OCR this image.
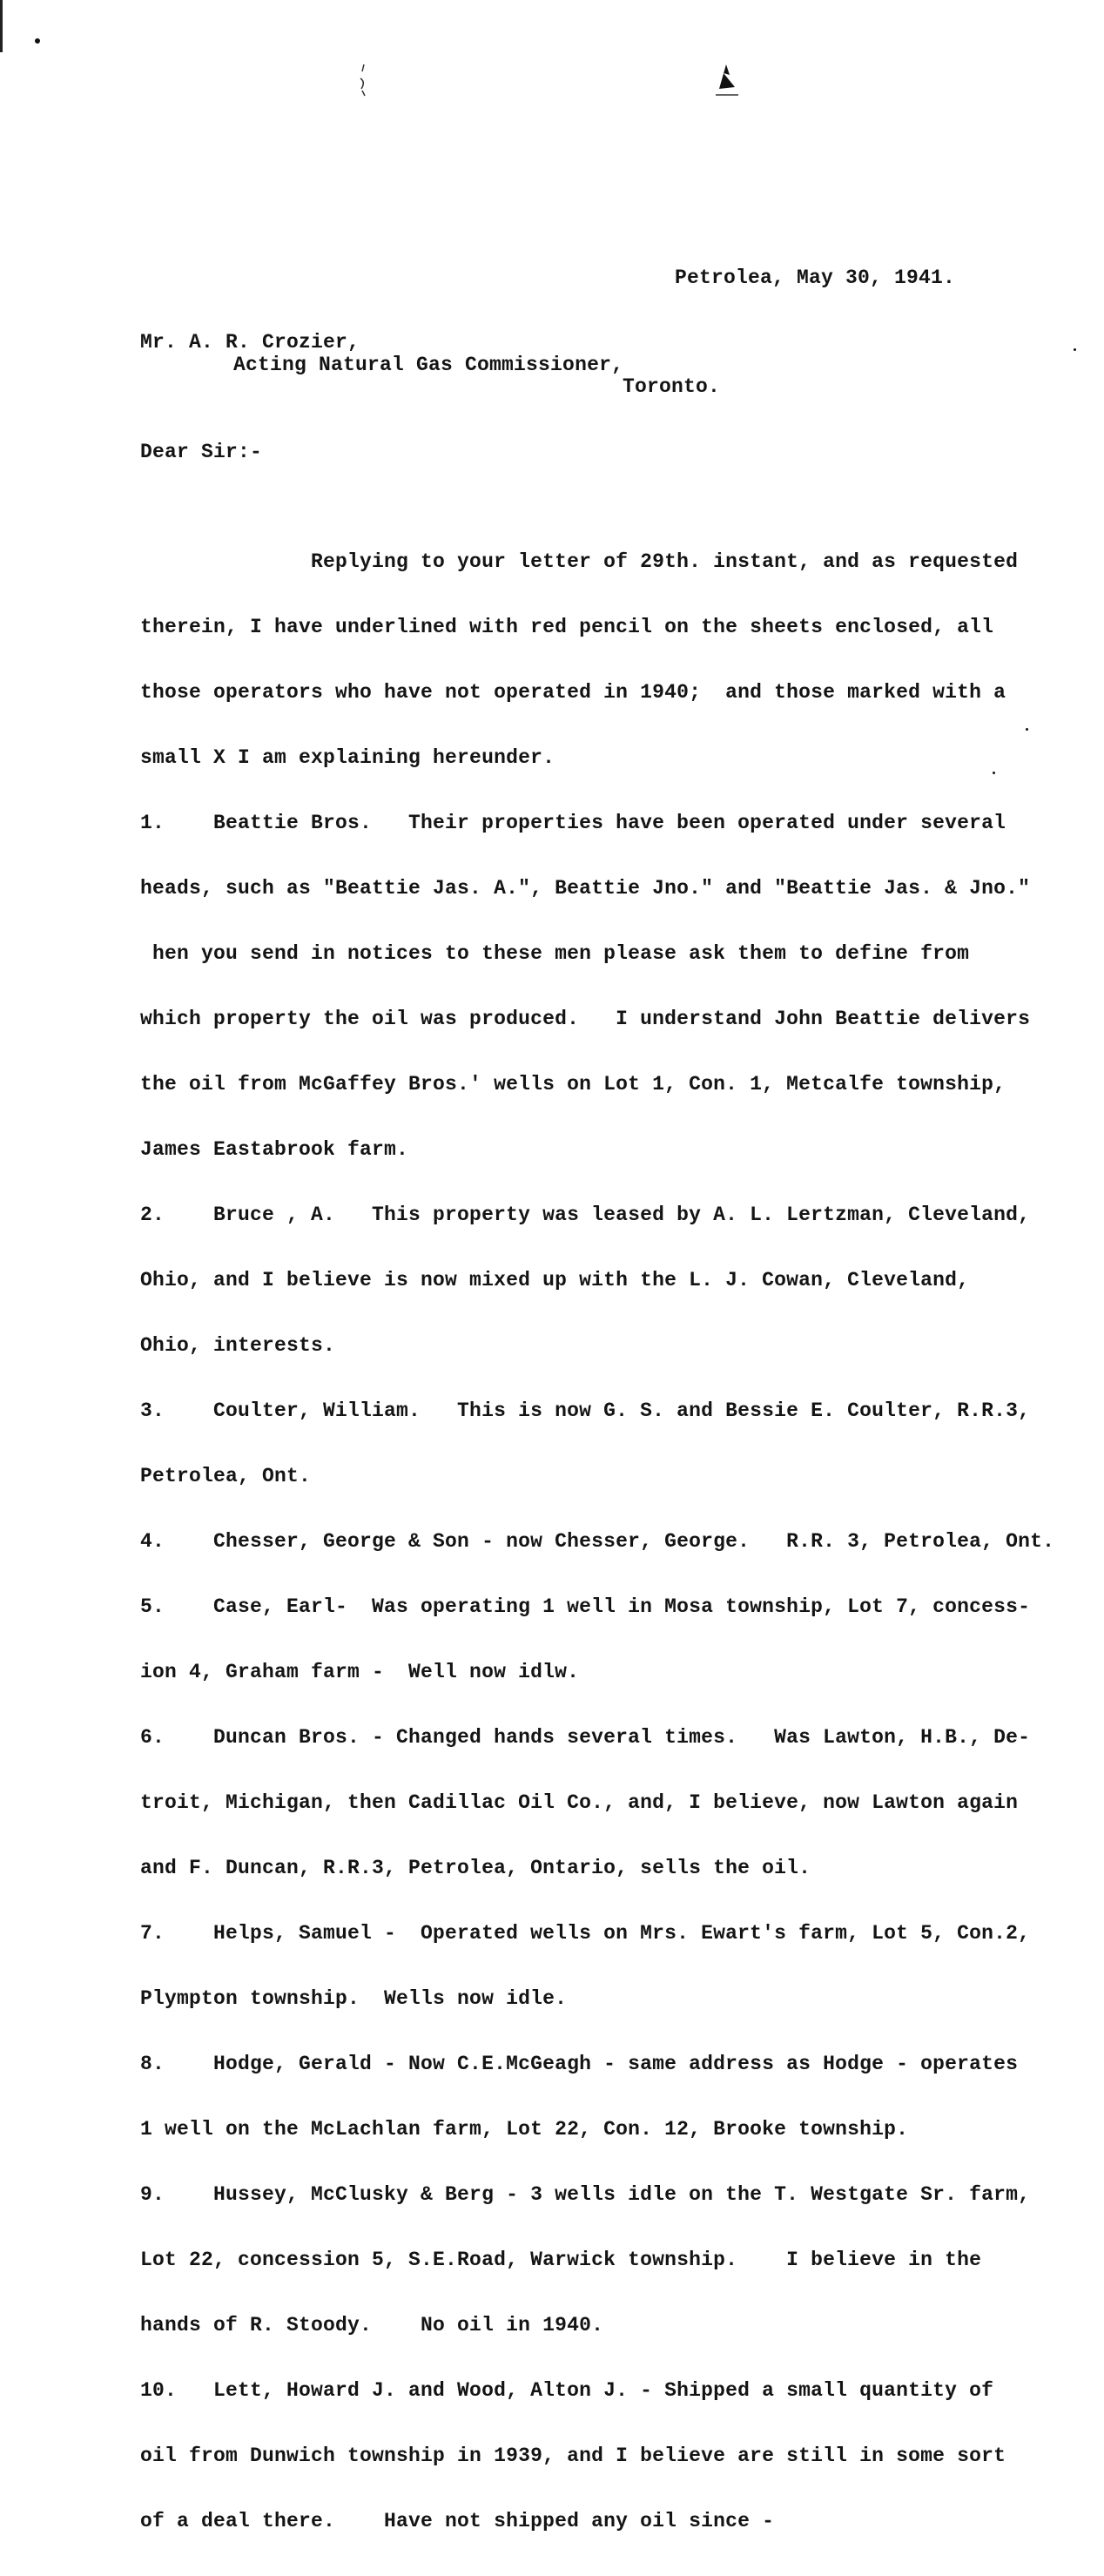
Petrolea, May 30, 1941.
Mr. A. R. Crozier,
Acting Natural Gas Commissioner,
Toronto.
Dear Sir:-

Replying to your letter of 29th. instant, and as requested

therein, I have underlined with red pencil on the sheets enclosed, all

those operators who have not operated in 1940;  and those marked with a

small X I am explaining hereunder.

1.    Beattie Bros.   Their properties have been operated under several

heads, such as "Beattie Jas. A.", Beattie Jno." and "Beattie Jas. & Jno."

hen you send in notices to these men please ask them to define from

which property the oil was produced.   I understand John Beattie delivers

the oil from McGaffey Bros.' wells on Lot 1, Con. 1, Metcalfe township,

James Eastabrook farm.

2.    Bruce , A.   This property was leased by A. L. Lertzman, Cleveland,

Ohio, and I believe is now mixed up with the L. J. Cowan, Cleveland,

Ohio, interests.

3.    Coulter, William.   This is now G. S. and Bessie E. Coulter, R.R.3,

Petrolea, Ont.

4.    Chesser, George & Son - now Chesser, George.   R.R. 3, Petrolea, Ont.

5.    Case, Earl-  Was operating 1 well in Mosa township, Lot 7, concess-

ion 4, Graham farm -  Well now idlw.

6.    Duncan Bros. - Changed hands several times.   Was Lawton, H.B., De-

troit, Michigan, then Cadillac Oil Co., and, I believe, now Lawton again

and F. Duncan, R.R.3, Petrolea, Ontario, sells the oil.

7.    Helps, Samuel -  Operated wells on Mrs. Ewart's farm, Lot 5, Con.2,

Plympton township.  Wells now idle.

8.    Hodge, Gerald - Now C.E.McGeagh - same address as Hodge - operates

1 well on the McLachlan farm, Lot 22, Con. 12, Brooke township.

9.    Hussey, McClusky & Berg - 3 wells idle on the T. Westgate Sr. farm,

Lot 22, concession 5, S.E.Road, Warwick township.    I believe in the

hands of R. Stoody.    No oil in 1940.

10.   Lett, Howard J. and Wood, Alton J. - Shipped a small quantity of

oil from Dunwich township in 1939, and I believe are still in some sort

of a deal there.    Have not shipped any oil since -
